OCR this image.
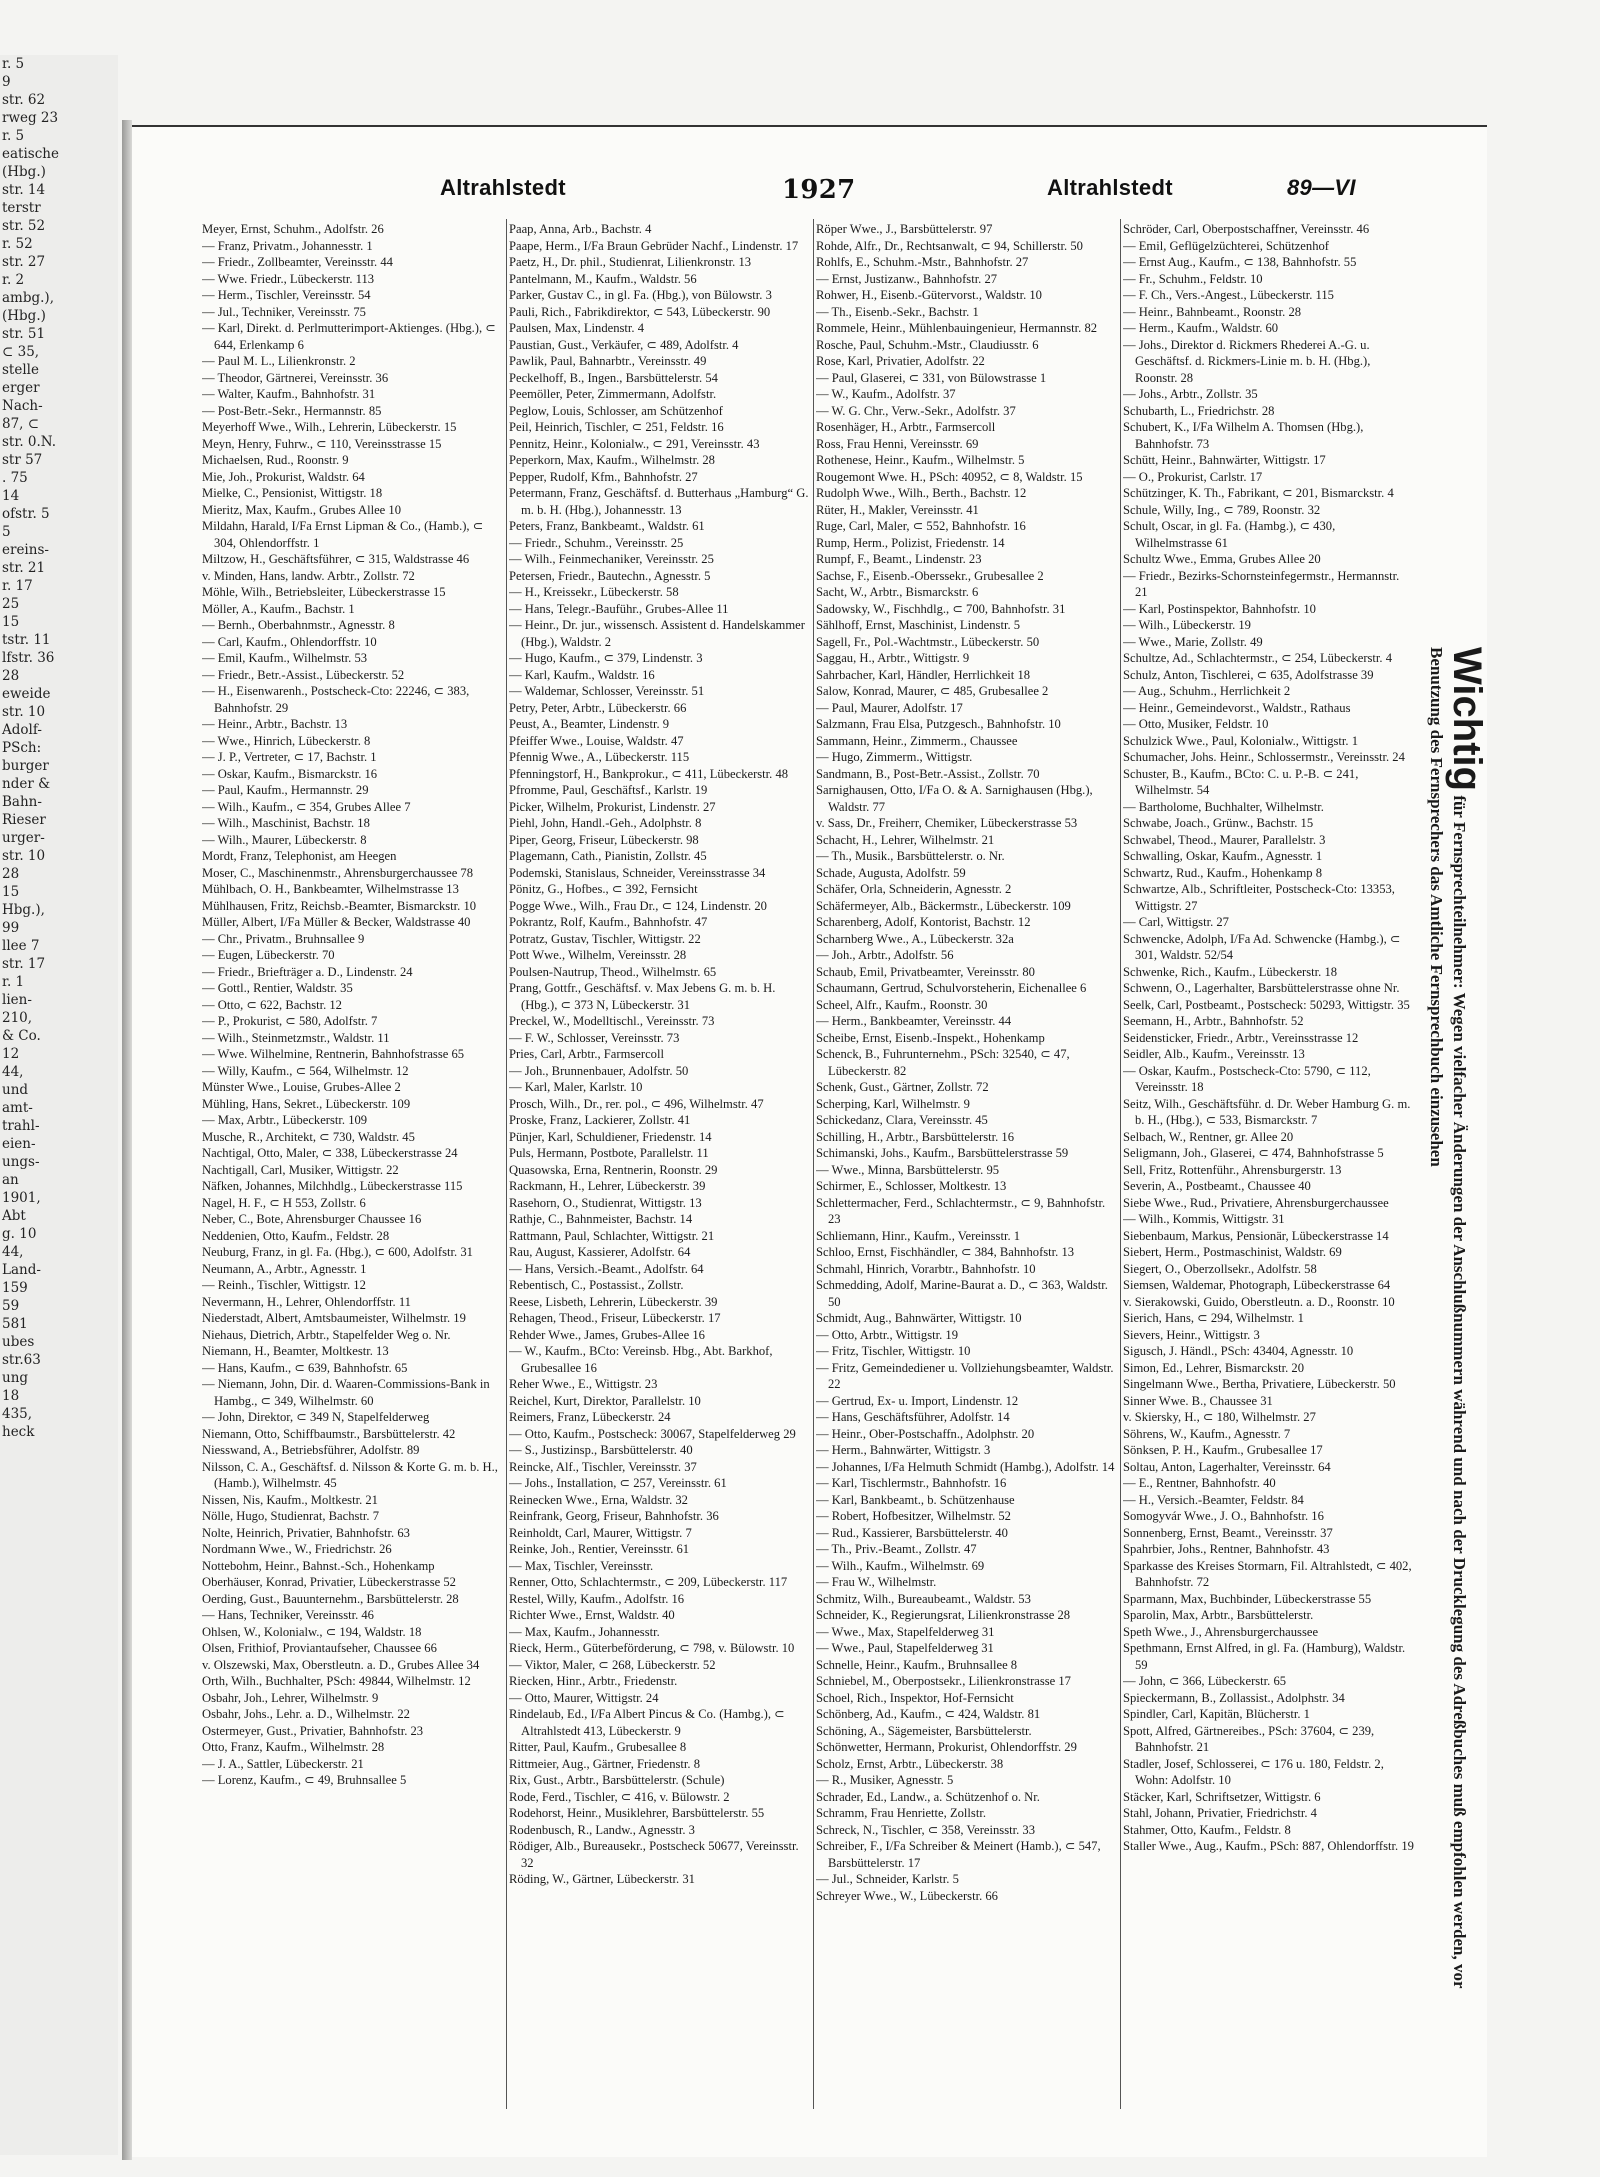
r. 5
9
str. 62
rweg 23
r. 5
eatische
(Hbg.)
str. 14
terstr
str. 52
r. 52
str. 27
r. 2
ambg.),
(Hbg.)
str. 51
⊂ 35,
stelle
erger
Nach-
87, ⊂
str. 0.N.
str 57
. 75
14
ofstr. 5
5
ereins-
str. 21
r. 17
25
15
tstr. 11
lfstr. 36
28
eweide
str. 10
Adolf-
PSch:
burger
nder &
Bahn-
Rieser
urger-
str. 10
28
15
Hbg.),
99
llee 7
str. 17
r. 1
lien-
210,
& Co.
12
44,
und
amt-
trahl-
eien-
ungs-
an
1901,
Abt
g. 10
44,
Land-
159
59
581
ubes
str.63
ung
18
435,
heck
Altrahlstedt	1927	Altrahlstedt	89—VI
Meyer, Ernst, Schuhm., Adolfstr. 26
— Franz, Privatm., Johannesstr. 1
— Friedr., Zollbeamter, Vereinsstr. 44
— Wwe. Friedr., Lübeckerstr. 113
— Herm., Tischler, Vereinsstr. 54
— Jul., Techniker, Vereinsstr. 75
— Karl, Direkt. d. Perlmutterimport-Aktienges. (Hbg.), ⊂ 644, Erlenkamp 6
— Paul M. L., Lilienkronstr. 2
— Theodor, Gärtnerei, Vereinsstr. 36
— Walter, Kaufm., Bahnhofstr. 31
— Post-Betr.-Sekr., Hermannstr. 85
Meyerhoff Wwe., Wilh., Lehrerin, Lübeckerstr. 15
Meyn, Henry, Fuhrw., ⊂ 110, Vereinsstrasse 15
Michaelsen, Rud., Roonstr. 9
Mie, Joh., Prokurist, Waldstr. 64
Mielke, C., Pensionist, Wittigstr. 18
Mieritz, Max, Kaufm., Grubes Allee 10
Mildahn, Harald, I/Fa Ernst Lipman & Co., (Hamb.), ⊂ 304, Ohlendorffstr. 1
Miltzow, H., Geschäftsführer, ⊂ 315, Waldstrasse 46
v. Minden, Hans, landw. Arbtr., Zollstr. 72
Möhle, Wilh., Betriebsleiter, Lübeckerstrasse 15
Möller, A., Kaufm., Bachstr. 1
— Bernh., Oberbahnmstr., Agnesstr. 8
— Carl, Kaufm., Ohlendorffstr. 10
— Emil, Kaufm., Wilhelmstr. 53
— Friedr., Betr.-Assist., Lübeckerstr. 52
— H., Eisenwarenh., Postscheck-Cto: 22246, ⊂ 383, Bahnhofstr. 29
— Heinr., Arbtr., Bachstr. 13
— Wwe., Hinrich, Lübeckerstr. 8
— J. P., Vertreter, ⊂ 17, Bachstr. 1
— Oskar, Kaufm., Bismarckstr. 16
— Paul, Kaufm., Hermannstr. 29
— Wilh., Kaufm., ⊂ 354, Grubes Allee 7
— Wilh., Maschinist, Bachstr. 18
— Wilh., Maurer, Lübeckerstr. 8
Mordt, Franz, Telephonist, am Heegen
Moser, C., Maschinenmstr., Ahrensburgerchaussee 78
Mühlbach, O. H., Bankbeamter, Wilhelmstrasse 13
Mühlhausen, Fritz, Reichsb.-Beamter, Bismarckstr. 10
Müller, Albert, I/Fa Müller & Becker, Waldstrasse 40
— Chr., Privatm., Bruhnsallee 9
— Eugen, Lübeckerstr. 70
— Friedr., Briefträger a. D., Lindenstr. 24
— Gottl., Rentier, Waldstr. 35
— Otto, ⊂ 622, Bachstr. 12
— P., Prokurist, ⊂ 580, Adolfstr. 7
— Wilh., Steinmetzmstr., Waldstr. 11
— Wwe. Wilhelmine, Rentnerin, Bahnhofstrasse 65
— Willy, Kaufm., ⊂ 564, Wilhelmstr. 12
Münster Wwe., Louise, Grubes-Allee 2
Mühling, Hans, Sekret., Lübeckerstr. 109
— Max, Arbtr., Lübeckerstr. 109
Musche, R., Architekt, ⊂ 730, Waldstr. 45
Nachtigal, Otto, Maler, ⊂ 338, Lübeckerstrasse 24
Nachtigall, Carl, Musiker, Wittigstr. 22
Näfken, Johannes, Milchhdlg., Lübeckerstrasse 115
Nagel, H. F., ⊂ H 553, Zollstr. 6
Neber, C., Bote, Ahrensburger Chaussee 16
Neddenien, Otto, Kaufm., Feldstr. 28
Neuburg, Franz, in gl. Fa. (Hbg.), ⊂ 600, Adolfstr. 31
Neumann, A., Arbtr., Agnesstr. 1
— Reinh., Tischler, Wittigstr. 12
Nevermann, H., Lehrer, Ohlendorffstr. 11
Niederstadt, Albert, Amtsbaumeister, Wilhelmstr. 19
Niehaus, Dietrich, Arbtr., Stapelfelder Weg o. Nr.
Niemann, H., Beamter, Moltkestr. 13
— Hans, Kaufm., ⊂ 639, Bahnhofstr. 65
— Niemann, John, Dir. d. Waaren-Commissions-Bank in Hambg., ⊂ 349, Wilhelmstr. 60
— John, Direktor, ⊂ 349 N, Stapelfelderweg
Niemann, Otto, Schiffbaumstr., Barsbüttelerstr. 42
Niesswand, A., Betriebsführer, Adolfstr. 89
Nilsson, C. A., Geschäftsf. d. Nilsson & Korte G. m. b. H., (Hamb.), Wilhelmstr. 45
Nissen, Nis, Kaufm., Moltkestr. 21
Nölle, Hugo, Studienrat, Bachstr. 7
Nolte, Heinrich, Privatier, Bahnhofstr. 63
Nordmann Wwe., W., Friedrichstr. 26
Nottebohm, Heinr., Bahnst.-Sch., Hohenkamp
Oberhäuser, Konrad, Privatier, Lübeckerstrasse 52
Oerding, Gust., Bauunternehm., Barsbüttelerstr. 28
— Hans, Techniker, Vereinsstr. 46
Ohlsen, W., Kolonialw., ⊂ 194, Waldstr. 18
Olsen, Frithiof, Proviantaufseher, Chaussee 66
v. Olszewski, Max, Oberstleutn. a. D., Grubes Allee 34
Orth, Wilh., Buchhalter, PSch: 49844, Wilhelmstr. 12
Osbahr, Joh., Lehrer, Wilhelmstr. 9
Osbahr, Johs., Lehr. a. D., Wilhelmstr. 22
Ostermeyer, Gust., Privatier, Bahnhofstr. 23
Otto, Franz, Kaufm., Wilhelmstr. 28
— J. A., Sattler, Lübeckerstr. 21
— Lorenz, Kaufm., ⊂ 49, Bruhnsallee 5
Paap, Anna, Arb., Bachstr. 4
Paape, Herm., I/Fa Braun Gebrüder Nachf., Lindenstr. 17
Paetz, H., Dr. phil., Studienrat, Lilienkronstr. 13
Pantelmann, M., Kaufm., Waldstr. 56
Parker, Gustav C., in gl. Fa. (Hbg.), von Bülowstr. 3
Pauli, Rich., Fabrikdirektor, ⊂ 543, Lübeckerstr. 90
Paulsen, Max, Lindenstr. 4
Paustian, Gust., Verkäufer, ⊂ 489, Adolfstr. 4
Pawlik, Paul, Bahnarbtr., Vereinsstr. 49
Peckelhoff, B., Ingen., Barsbüttelerstr. 54
Peemöller, Peter, Zimmermann, Adolfstr.
Peglow, Louis, Schlosser, am Schützenhof
Peil, Heinrich, Tischler, ⊂ 251, Feldstr. 16
Pennitz, Heinr., Kolonialw., ⊂ 291, Vereinsstr. 43
Peperkorn, Max, Kaufm., Wilhelmstr. 28
Pepper, Rudolf, Kfm., Bahnhofstr. 27
Petermann, Franz, Geschäftsf. d. Butterhaus „Hamburg“ G. m. b. H. (Hbg.), Johannesstr. 13
Peters, Franz, Bankbeamt., Waldstr. 61
— Friedr., Schuhm., Vereinsstr. 25
— Wilh., Feinmechaniker, Vereinsstr. 25
Petersen, Friedr., Bautechn., Agnesstr. 5
— H., Kreissekr., Lübeckerstr. 58
— Hans, Telegr.-Bauführ., Grubes-Allee 11
— Heinr., Dr. jur., wissensch. Assistent d. Handelskammer (Hbg.), Waldstr. 2
— Hugo, Kaufm., ⊂ 379, Lindenstr. 3
— Karl, Kaufm., Waldstr. 16
— Waldemar, Schlosser, Vereinsstr. 51
Petry, Peter, Arbtr., Lübeckerstr. 66
Peust, A., Beamter, Lindenstr. 9
Pfeiffer Wwe., Louise, Waldstr. 47
Pfennig Wwe., A., Lübeckerstr. 115
Pfenningstorf, H., Bankprokur., ⊂ 411, Lübeckerstr. 48
Pfromme, Paul, Geschäftsf., Karlstr. 19
Picker, Wilhelm, Prokurist, Lindenstr. 27
Piehl, John, Handl.-Geh., Adolphstr. 8
Piper, Georg, Friseur, Lübeckerstr. 98
Plagemann, Cath., Pianistin, Zollstr. 45
Podemski, Stanislaus, Schneider, Vereinsstrasse 34
Pönitz, G., Hofbes., ⊂ 392, Fernsicht
Pogge Wwe., Wilh., Frau Dr., ⊂ 124, Lindenstr. 20
Pokrantz, Rolf, Kaufm., Bahnhofstr. 47
Potratz, Gustav, Tischler, Wittigstr. 22
Pott Wwe., Wilhelm, Vereinsstr. 28
Poulsen-Nautrup, Theod., Wilhelmstr. 65
Prang, Gottfr., Geschäftsf. v. Max Jebens G. m. b. H. (Hbg.), ⊂ 373 N, Lübeckerstr. 31
Preckel, W., Modelltischl., Vereinsstr. 73
— F. W., Schlosser, Vereinsstr. 73
Pries, Carl, Arbtr., Farmsercoll
— Joh., Brunnenbauer, Adolfstr. 50
— Karl, Maler, Karlstr. 10
Prosch, Wilh., Dr., rer. pol., ⊂ 496, Wilhelmstr. 47
Proske, Franz, Lackierer, Zollstr. 41
Pünjer, Karl, Schuldiener, Friedenstr. 14
Puls, Hermann, Postbote, Parallelstr. 11
Quasowska, Erna, Rentnerin, Roonstr. 29
Rackmann, H., Lehrer, Lübeckerstr. 39
Rasehorn, O., Studienrat, Wittigstr. 13
Rathje, C., Bahnmeister, Bachstr. 14
Rattmann, Paul, Schlachter, Wittigstr. 21
Rau, August, Kassierer, Adolfstr. 64
— Hans, Versich.-Beamt., Adolfstr. 64
Rebentisch, C., Postassist., Zollstr.
Reese, Lisbeth, Lehrerin, Lübeckerstr. 39
Rehagen, Theod., Friseur, Lübeckerstr. 17
Rehder Wwe., James, Grubes-Allee 16
— W., Kaufm., BCto: Vereinsb. Hbg., Abt. Barkhof, Grubesallee 16
Reher Wwe., E., Wittigstr. 23
Reichel, Kurt, Direktor, Parallelstr. 10
Reimers, Franz, Lübeckerstr. 24
— Otto, Kaufm., Postscheck: 30067, Stapelfelderweg 29
— S., Justizinsp., Barsbüttelerstr. 40
Reincke, Alf., Tischler, Vereinsstr. 37
— Johs., Installation, ⊂ 257, Vereinsstr. 61
Reinecken Wwe., Erna, Waldstr. 32
Reinfrank, Georg, Friseur, Bahnhofstr. 36
Reinholdt, Carl, Maurer, Wittigstr. 7
Reinke, Joh., Rentier, Vereinsstr. 61
— Max, Tischler, Vereinsstr.
Renner, Otto, Schlachtermstr., ⊂ 209, Lübeckerstr. 117
Restel, Willy, Kaufm., Adolfstr. 16
Richter Wwe., Ernst, Waldstr. 40
— Max, Kaufm., Johannesstr.
Rieck, Herm., Güterbeförderung, ⊂ 798, v. Bülowstr. 10
— Viktor, Maler, ⊂ 268, Lübeckerstr. 52
Riecken, Hinr., Arbtr., Friedenstr.
— Otto, Maurer, Wittigstr. 24
Rindelaub, Ed., I/Fa Albert Pincus & Co. (Hambg.), ⊂ Altrahlstedt 413, Lübeckerstr. 9
Ritter, Paul, Kaufm., Grubesallee 8
Rittmeier, Aug., Gärtner, Friedenstr. 8
Rix, Gust., Arbtr., Barsbüttelerstr. (Schule)
Rode, Ferd., Tischler, ⊂ 416, v. Bülowstr. 2
Rodehorst, Heinr., Musiklehrer, Barsbüttelerstr. 55
Rodenbusch, R., Landw., Agnesstr. 3
Rödiger, Alb., Bureausekr., Postscheck 50677, Vereinsstr. 32
Röding, W., Gärtner, Lübeckerstr. 31
Röper Wwe., J., Barsbüttelerstr. 97
Rohde, Alfr., Dr., Rechtsanwalt, ⊂ 94, Schillerstr. 50
Rohlfs, E., Schuhm.-Mstr., Bahnhofstr. 27
— Ernst, Justizanw., Bahnhofstr. 27
Rohwer, H., Eisenb.-Gütervorst., Waldstr. 10
— Th., Eisenb.-Sekr., Bachstr. 1
Rommele, Heinr., Mühlenbauingenieur, Hermannstr. 82
Rosche, Paul, Schuhm.-Mstr., Claudiusstr. 6
Rose, Karl, Privatier, Adolfstr. 22
— Paul, Glaserei, ⊂ 331, von Bülowstrasse 1
— W., Kaufm., Adolfstr. 37
— W. G. Chr., Verw.-Sekr., Adolfstr. 37
Rosenhäger, H., Arbtr., Farmsercoll
Ross, Frau Henni, Vereinsstr. 69
Rothenese, Heinr., Kaufm., Wilhelmstr. 5
Rougemont Wwe. H., PSch: 40952, ⊂ 8, Waldstr. 15
Rudolph Wwe., Wilh., Berth., Bachstr. 12
Rüter, H., Makler, Vereinsstr. 41
Ruge, Carl, Maler, ⊂ 552, Bahnhofstr. 16
Rump, Herm., Polizist, Friedenstr. 14
Rumpf, F., Beamt., Lindenstr. 23
Sachse, F., Eisenb.-Oberssekr., Grubesallee 2
Sacht, W., Arbtr., Bismarckstr. 6
Sadowsky, W., Fischhdlg., ⊂ 700, Bahnhofstr. 31
Sählhoff, Ernst, Maschinist, Lindenstr. 5
Sagell, Fr., Pol.-Wachtmstr., Lübeckerstr. 50
Saggau, H., Arbtr., Wittigstr. 9
Sahrbacher, Karl, Händler, Herrlichkeit 18
Salow, Konrad, Maurer, ⊂ 485, Grubesallee 2
— Paul, Maurer, Adolfstr. 17
Salzmann, Frau Elsa, Putzgesch., Bahnhofstr. 10
Sammann, Heinr., Zimmerm., Chaussee
— Hugo, Zimmerm., Wittigstr.
Sandmann, B., Post-Betr.-Assist., Zollstr. 70
Sarnighausen, Otto, I/Fa O. & A. Sarnighausen (Hbg.), Waldstr. 77
v. Sass, Dr., Freiherr, Chemiker, Lübeckerstrasse 53
Schacht, H., Lehrer, Wilhelmstr. 21
— Th., Musik., Barsbüttelerstr. o. Nr.
Schade, Augusta, Adolfstr. 59
Schäfer, Orla, Schneiderin, Agnesstr. 2
Schäfermeyer, Alb., Bäckermstr., Lübeckerstr. 109
Scharenberg, Adolf, Kontorist, Bachstr. 12
Scharnberg Wwe., A., Lübeckerstr. 32a
— Joh., Arbtr., Adolfstr. 56
Schaub, Emil, Privatbeamter, Vereinsstr. 80
Schaumann, Gertrud, Schulvorsteherin, Eichenallee 6
Scheel, Alfr., Kaufm., Roonstr. 30
— Herm., Bankbeamter, Vereinsstr. 44
Scheibe, Ernst, Eisenb.-Inspekt., Hohenkamp
Schenck, B., Fuhrunternehm., PSch: 32540, ⊂ 47, Lübeckerstr. 82
Schenk, Gust., Gärtner, Zollstr. 72
Scherping, Karl, Wilhelmstr. 9
Schickedanz, Clara, Vereinsstr. 45
Schilling, H., Arbtr., Barsbüttelerstr. 16
Schimanski, Johs., Kaufm., Barsbüttelerstrasse 59
— Wwe., Minna, Barsbüttelerstr. 95
Schirmer, E., Schlosser, Moltkestr. 13
Schlettermacher, Ferd., Schlachtermstr., ⊂ 9, Bahnhofstr. 23
Schliemann, Hinr., Kaufm., Vereinsstr. 1
Schloo, Ernst, Fischhändler, ⊂ 384, Bahnhofstr. 13
Schmahl, Hinrich, Vorarbtr., Bahnhofstr. 10
Schmedding, Adolf, Marine-Baurat a. D., ⊂ 363, Waldstr. 50
Schmidt, Aug., Bahnwärter, Wittigstr. 10
— Otto, Arbtr., Wittigstr. 19
— Fritz, Tischler, Wittigstr. 10
— Fritz, Gemeindediener u. Vollziehungsbeamter, Waldstr. 22
— Gertrud, Ex- u. Import, Lindenstr. 12
— Hans, Geschäftsführer, Adolfstr. 14
— Heinr., Ober-Postschaffn., Adolphstr. 20
— Herm., Bahnwärter, Wittigstr. 3
— Johannes, I/Fa Helmuth Schmidt (Hambg.), Adolfstr. 14
— Karl, Tischlermstr., Bahnhofstr. 16
— Karl, Bankbeamt., b. Schützenhause
— Robert, Hofbesitzer, Wilhelmstr. 52
— Rud., Kassierer, Barsbüttelerstr. 40
— Th., Priv.-Beamt., Zollstr. 47
— Wilh., Kaufm., Wilhelmstr. 69
— Frau W., Wilhelmstr.
Schmitz, Wilh., Bureaubeamt., Waldstr. 53
Schneider, K., Regierungsrat, Lilienkronstrasse 28
— Wwe., Max, Stapelfelderweg 31
— Wwe., Paul, Stapelfelderweg 31
Schnelle, Heinr., Kaufm., Bruhnsallee 8
Schniebel, M., Oberpostsekr., Lilienkronstrasse 17
Schoel, Rich., Inspektor, Hof-Fernsicht
Schönberg, Ad., Kaufm., ⊂ 424, Waldstr. 81
Schöning, A., Sägemeister, Barsbüttelerstr.
Schönwetter, Hermann, Prokurist, Ohlendorffstr. 29
Scholz, Ernst, Arbtr., Lübeckerstr. 38
— R., Musiker, Agnesstr. 5
Schrader, Ed., Landw., a. Schützenhof o. Nr.
Schramm, Frau Henriette, Zollstr.
Schreck, N., Tischler, ⊂ 358, Vereinsstr. 33
Schreiber, F., I/Fa Schreiber & Meinert (Hamb.), ⊂ 547, Barsbüttelerstr. 17
— Jul., Schneider, Karlstr. 5
Schreyer Wwe., W., Lübeckerstr. 66
Schröder, Carl, Oberpostschaffner, Vereinsstr. 46
— Emil, Geflügelzüchterei, Schützenhof
— Ernst Aug., Kaufm., ⊂ 138, Bahnhofstr. 55
— Fr., Schuhm., Feldstr. 10
— F. Ch., Vers.-Angest., Lübeckerstr. 115
— Heinr., Bahnbeamt., Roonstr. 28
— Herm., Kaufm., Waldstr. 60
— Johs., Direktor d. Rickmers Rhederei A.-G. u. Geschäftsf. d. Rickmers-Linie m. b. H. (Hbg.), Roonstr. 28
— Johs., Arbtr., Zollstr. 35
Schubarth, L., Friedrichstr. 28
Schubert, K., I/Fa Wilhelm A. Thomsen (Hbg.), Bahnhofstr. 73
Schütt, Heinr., Bahnwärter, Wittigstr. 17
— O., Prokurist, Carlstr. 17
Schützinger, K. Th., Fabrikant, ⊂ 201, Bismarckstr. 4
Schule, Willy, Ing., ⊂ 789, Roonstr. 32
Schult, Oscar, in gl. Fa. (Hambg.), ⊂ 430, Wilhelmstrasse 61
Schultz Wwe., Emma, Grubes Allee 20
— Friedr., Bezirks-Schornsteinfegermstr., Hermannstr. 21
— Karl, Postinspektor, Bahnhofstr. 10
— Wilh., Lübeckerstr. 19
— Wwe., Marie, Zollstr. 49
Schultze, Ad., Schlachtermstr., ⊂ 254, Lübeckerstr. 4
Schulz, Anton, Tischlerei, ⊂ 635, Adolfstrasse 39
— Aug., Schuhm., Herrlichkeit 2
— Heinr., Gemeindevorst., Waldstr., Rathaus
— Otto, Musiker, Feldstr. 10
Schulzick Wwe., Paul, Kolonialw., Wittigstr. 1
Schumacher, Johs. Heinr., Schlossermstr., Vereinsstr. 24
Schuster, B., Kaufm., BCto: C. u. P.-B. ⊂ 241, Wilhelmstr. 54
— Bartholome, Buchhalter, Wilhelmstr.
Schwabe, Joach., Grünw., Bachstr. 15
Schwabel, Theod., Maurer, Parallelstr. 3
Schwalling, Oskar, Kaufm., Agnesstr. 1
Schwartz, Rud., Kaufm., Hohenkamp 8
Schwartze, Alb., Schriftleiter, Postscheck-Cto: 13353, Wittigstr. 27
— Carl, Wittigstr. 27
Schwencke, Adolph, I/Fa Ad. Schwencke (Hambg.), ⊂ 301, Waldstr. 52/54
Schwenke, Rich., Kaufm., Lübeckerstr. 18
Schwenn, O., Lagerhalter, Barsbüttelerstrasse ohne Nr.
Seelk, Carl, Postbeamt., Postscheck: 50293, Wittigstr. 35
Seemann, H., Arbtr., Bahnhofstr. 52
Seidensticker, Friedr., Arbtr., Vereinsstrasse 12
Seidler, Alb., Kaufm., Vereinsstr. 13
— Oskar, Kaufm., Postscheck-Cto: 5790, ⊂ 112, Vereinsstr. 18
Seitz, Wilh., Geschäftsführ. d. Dr. Weber Hamburg G. m. b. H., (Hbg.), ⊂ 533, Bismarckstr. 7
Selbach, W., Rentner, gr. Allee 20
Seligmann, Joh., Glaserei, ⊂ 474, Bahnhofstrasse 5
Sell, Fritz, Rottenführ., Ahrensburgerstr. 13
Severin, A., Postbeamt., Chaussee 40
Siebe Wwe., Rud., Privatiere, Ahrensburgerchaussee
— Wilh., Kommis, Wittigstr. 31
Siebenbaum, Markus, Pensionär, Lübeckerstrasse 14
Siebert, Herm., Postmaschinist, Waldstr. 69
Siegert, O., Oberzollsekr., Adolfstr. 58
Siemsen, Waldemar, Photograph, Lübeckerstrasse 64
v. Sierakowski, Guido, Oberstleutn. a. D., Roonstr. 10
Sierich, Hans, ⊂ 294, Wilhelmstr. 1
Sievers, Heinr., Wittigstr. 3
Sigusch, J. Händl., PSch: 43404, Agnesstr. 10
Simon, Ed., Lehrer, Bismarckstr. 20
Singelmann Wwe., Bertha, Privatiere, Lübeckerstr. 50
Sinner Wwe. B., Chaussee 31
v. Skiersky, H., ⊂ 180, Wilhelmstr. 27
Söhrens, W., Kaufm., Agnesstr. 7
Sönksen, P. H., Kaufm., Grubesallee 17
Soltau, Anton, Lagerhalter, Vereinsstr. 64
— E., Rentner, Bahnhofstr. 40
— H., Versich.-Beamter, Feldstr. 84
Somogyvár Wwe., J. O., Bahnhofstr. 16
Sonnenberg, Ernst, Beamt., Vereinsstr. 37
Spahrbier, Johs., Rentner, Bahnhofstr. 43
Sparkasse des Kreises Stormarn, Fil. Altrahlstedt, ⊂ 402, Bahnhofstr. 72
Sparmann, Max, Buchbinder, Lübeckerstrasse 55
Sparolin, Max, Arbtr., Barsbüttelerstr.
Speth Wwe., J., Ahrensburgerchaussee
Spethmann, Ernst Alfred, in gl. Fa. (Hamburg), Waldstr. 59
— John, ⊂ 366, Lübeckerstr. 65
Spieckermann, B., Zollassist., Adolphstr. 34
Spindler, Carl, Kapitän, Blücherstr. 1
Spott, Alfred, Gärtnereibes., PSch: 37604, ⊂ 239, Bahnhofstr. 21
Stadler, Josef, Schlosserei, ⊂ 176 u. 180, Feldstr. 2, Wohn: Adolfstr. 10
Stäcker, Karl, Schriftsetzer, Wittigstr. 6
Stahl, Johann, Privatier, Friedrichstr. 4
Stahmer, Otto, Kaufm., Feldstr. 8
Staller Wwe., Aug., Kaufm., PSch: 887, Ohlendorffstr. 19
Wichtig für Fernsprechteilnehmer: Wegen vielfacher Änderungen der Anschlußnummern während und nach der Drucklegung des Adreßbuches muß empfohlen werden, vor Benutzung des Fernsprechers das Amtliche Fernsprechbuch einzusehen
